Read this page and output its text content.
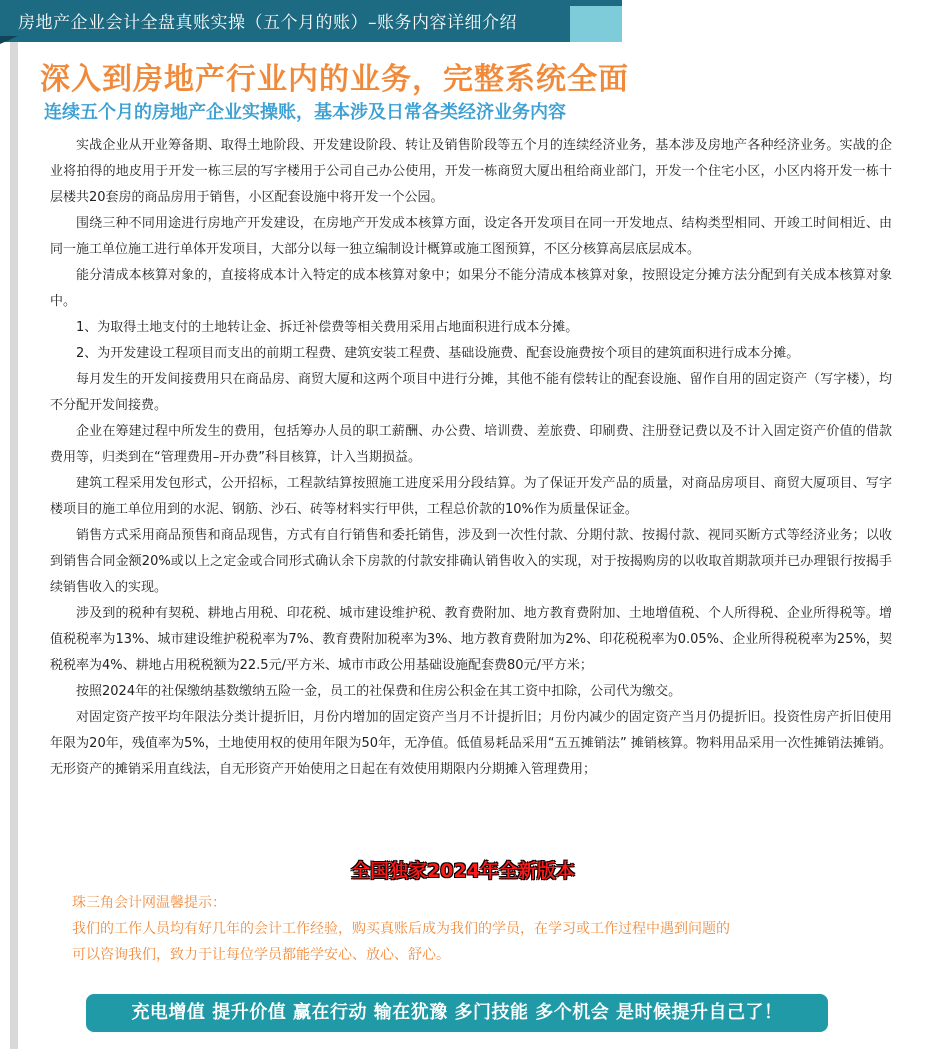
房地产企业会计全盘真账实操（五个月的账）–账务内容详细介绍
深入到房地产行业内的业务，完整系统全面
连续五个月的房地产企业实操账，基本涉及日常各类经济业务内容

实战企业从开业筹备期、取得土地阶段、开发建设阶段、转让及销售阶段等五个月的连续经济业务，基本涉及房地产各种经济业务。实战的企业将拍得的地皮用于开发一栋三层的写字楼用于公司自己办公使用，开发一栋商贸大厦出租给商业部门，开发一个住宅小区，小区内将开发一栋十层楼共20套房的商品房用于销售，小区配套设施中将开发一个公园。

围绕三种不同用途进行房地产开发建设，在房地产开发成本核算方面，设定各开发项目在同一开发地点、结构类型相同、开竣工时间相近、由同一施工单位施工进行单体开发项目，大部分以每一独立编制设计概算或施工图预算，不区分核算高层底层成本。

能分清成本核算对象的，直接将成本计入特定的成本核算对象中；如果分不能分清成本核算对象，按照设定分摊方法分配到有关成本核算对象中。

1、为取得土地支付的土地转让金、拆迁补偿费等相关费用采用占地面积进行成本分摊。

2、为开发建设工程项目而支出的前期工程费、建筑安装工程费、基础设施费、配套设施费按个项目的建筑面积进行成本分摊。

每月发生的开发间接费用只在商品房、商贸大厦和这两个项目中进行分摊，其他不能有偿转让的配套设施、留作自用的固定资产（写字楼），均不分配开发间接费。

企业在筹建过程中所发生的费用，包括筹办人员的职工薪酬、办公费、培训费、差旅费、印刷费、注册登记费以及不计入固定资产价值的借款费用等，归类到在“管理费用–开办费”科目核算，计入当期损益。

建筑工程采用发包形式，公开招标，工程款结算按照施工进度采用分段结算。为了保证开发产品的质量，对商品房项目、商贸大厦项目、写字楼项目的施工单位用到的水泥、钢筋、沙石、砖等材料实行甲供，工程总价款的10%作为质量保证金。

销售方式采用商品预售和商品现售，方式有自行销售和委托销售，涉及到一次性付款、分期付款、按揭付款、视同买断方式等经济业务；以收到销售合同金额20%或以上之定金或合同形式确认余下房款的付款安排确认销售收入的实现，对于按揭购房的以收取首期款项并已办理银行按揭手续销售收入的实现。

涉及到的税种有契税、耕地占用税、印花税、城市建设维护税、教育费附加、地方教育费附加、土地增值税、个人所得税、企业所得税等。增值税税率为13%、城市建设维护税税率为7%、教育费附加税率为3%、地方教育费附加为2%、印花税税率为0.05%、企业所得税税率为25%，契税税率为4%、耕地占用税税额为22.5元/平方米、城市市政公用基础设施配套费80元/平方米；

按照2024年的社保缴纳基数缴纳五险一金，员工的社保费和住房公积金在其工资中扣除，公司代为缴交。

对固定资产按平均年限法分类计提折旧，月份内增加的固定资产当月不计提折旧；月份内减少的固定资产当月仍提折旧。投资性房产折旧使用年限为20年，残值率为5%，土地使用权的使用年限为50年，无净值。低值易耗品采用“五五摊销法” 摊销核算。物料用品采用一次性摊销法摊销。无形资产的摊销采用直线法，自无形资产开始使用之日起在有效使用期限内分期摊入管理费用；

全国独家2024年全新版本
珠三角会计网温馨提示：
我们的工作人员均有好几年的会计工作经验，购买真账后成为我们的学员，在学习或工作过程中遇到问题的
可以咨询我们，致力于让每位学员都能学安心、放心、舒心。
充电增值 提升价值 赢在行动 输在犹豫 多门技能 多个机会 是时候提升自己了！
